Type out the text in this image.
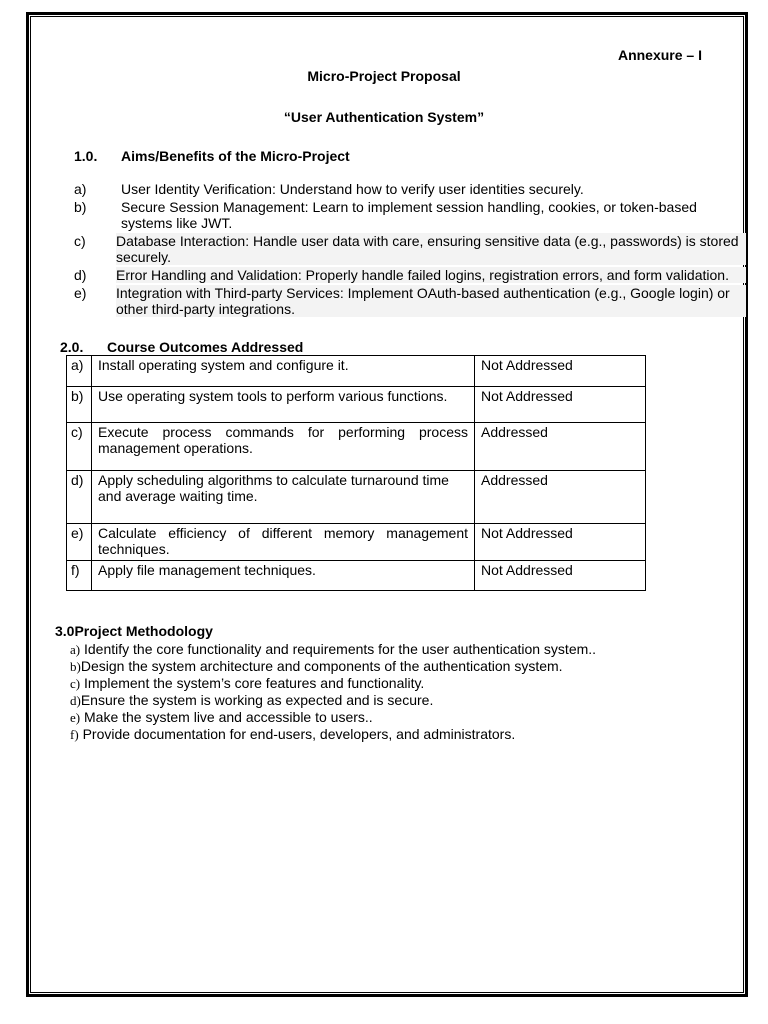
Annexure – I
Micro-Project Proposal
“User Authentication System”
1.0. Aims/Benefits of the Micro-Project
a) User Identity Verification: Understand how to verify user identities securely.
b) Secure Session Management: Learn to implement session handling, cookies, or token-based systems like JWT.
c) Database Interaction: Handle user data with care, ensuring sensitive data (e.g., passwords) is stored securely.
d) Error Handling and Validation: Properly handle failed logins, registration errors, and form validation.
e) Integration with Third-party Services: Implement OAuth-based authentication (e.g., Google login) or other third-party integrations.
2.0. Course Outcomes Addressed
a)	Install operating system and configure it.	Not Addressed
b)	Use operating system tools to perform various functions.	Not Addressed
c)	Execute process commands for performing process management operations.	Addressed
d)	Apply scheduling algorithms to calculate turnaround time
and average waiting time.	Addressed
e)	Calculate efficiency of different memory management techniques.	Not Addressed
f)	Apply file management techniques.	Not Addressed
3.0Project Methodology
a) Identify the core functionality and requirements for the user authentication system..
b)Design the system architecture and components of the authentication system.
c) Implement the system’s core features and functionality.
d)Ensure the system is working as expected and is secure.
e) Make the system live and accessible to users..
f) Provide documentation for end-users, developers, and administrators.
